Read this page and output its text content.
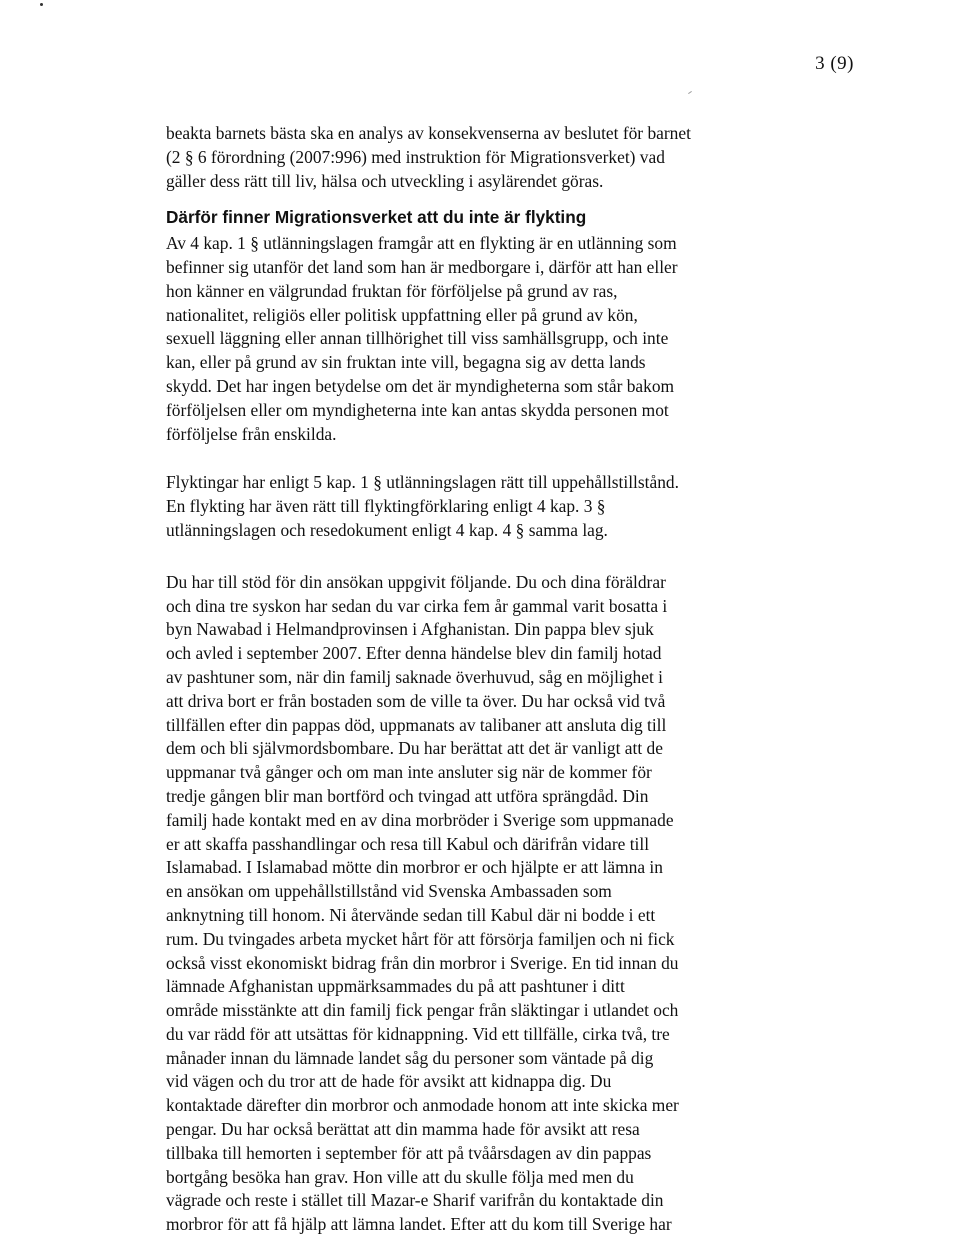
3 (9)

beakta barnets bästa ska en analys av konsekvenserna av beslutet för barnet
(2 § 6 förordning (2007:996) med instruktion för Migrationsverket) vad
gäller dess rätt till liv, hälsa och utveckling i asylärendet göras.

Därför finner Migrationsverket att du inte är flykting

Av 4 kap. 1 § utlänningslagen framgår att en flykting är en utlänning som
befinner sig utanför det land som han är medborgare i, därför att han eller
hon känner en välgrundad fruktan för förföljelse på grund av ras,
nationalitet, religiös eller politisk uppfattning eller på grund av kön,
sexuell läggning eller annan tillhörighet till viss samhällsgrupp, och inte
kan, eller på grund av sin fruktan inte vill, begagna sig av detta lands
skydd. Det har ingen betydelse om det är myndigheterna som står bakom
förföljelsen eller om myndigheterna inte kan antas skydda personen mot
förföljelse från enskilda.

Flyktingar har enligt 5 kap. 1 § utlänningslagen rätt till uppehållstillstånd.
En flykting har även rätt till flyktingförklaring enligt 4 kap. 3 §
utlänningslagen och resedokument enligt 4 kap. 4 § samma lag.

Du har till stöd för din ansökan uppgivit följande. Du och dina föräldrar
och dina tre syskon har sedan du var cirka fem år gammal varit bosatta i
byn Nawabad i Helmandprovinsen i Afghanistan. Din pappa blev sjuk
och avled i september 2007. Efter denna händelse blev din familj hotad
av pashtuner som, när din familj saknade överhuvud, såg en möjlighet i
att driva bort er från bostaden som de ville ta över. Du har också vid två
tillfällen efter din pappas död, uppmanats av talibaner att ansluta dig till
dem och bli självmordsbombare. Du har berättat att det är vanligt att de
uppmanar två gånger och om man inte ansluter sig när de kommer för
tredje gången blir man bortförd och tvingad att utföra sprängdåd. Din
familj hade kontakt med en av dina morbröder i Sverige som uppmanade
er att skaffa passhandlingar och resa till Kabul och därifrån vidare till
Islamabad. I Islamabad mötte din morbror er och hjälpte er att lämna in
en ansökan om uppehållstillstånd vid Svenska Ambassaden som
anknytning till honom. Ni återvände sedan till Kabul där ni bodde i ett
rum. Du tvingades arbeta mycket hårt för att försörja familjen och ni fick
också visst ekonomiskt bidrag från din morbror i Sverige. En tid innan du
lämnade Afghanistan uppmärksammades du på att pashtuner i ditt
område misstänkte att din familj fick pengar från släktingar i utlandet och
du var rädd för att utsättas för kidnappning. Vid ett tillfälle, cirka två, tre
månader innan du lämnade landet såg du personer som väntade på dig
vid vägen och du tror att de hade för avsikt att kidnappa dig. Du
kontaktade därefter din morbror och anmodade honom att inte skicka mer
pengar. Du har också berättat att din mamma hade för avsikt att resa
tillbaka till hemorten i september för att på tvåårsdagen av din pappas
bortgång besöka han grav. Hon ville att du skulle följa med men du
vägrade och reste i stället till Mazar-e Sharif varifrån du kontaktade din
morbror för att få hjälp att lämna landet. Efter att du kom till Sverige har
